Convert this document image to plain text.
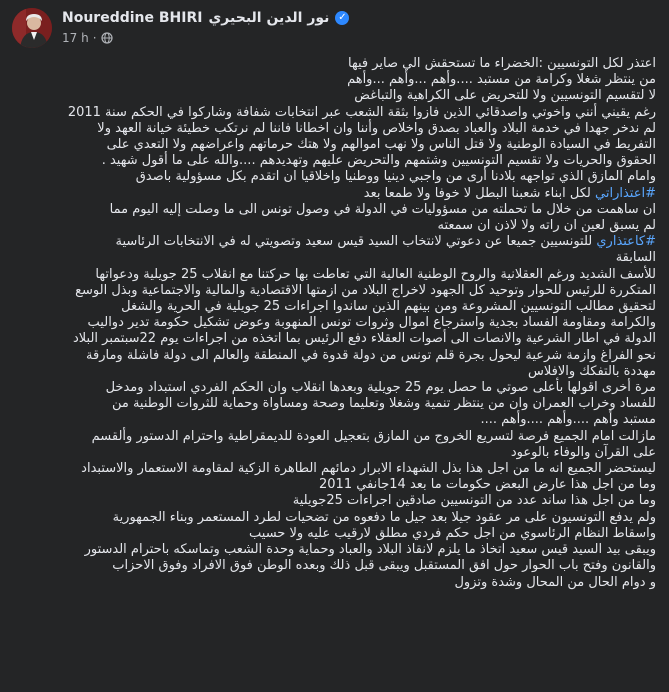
Noureddine BHIRI نور الدين البحيري ✓
17 h ·

اعتذر لكل التونسيين :الخضراء ما تستحقش الي صاير فيها

من ينتظر شغلا وكرامة من مستبد ....وأهم ...وأهم ...وأهم

لا لتقسيم التونسيين ولا للتحريض على الكراهية والتباغض

رغم يقيني أنني واخوتي واصدقائي الذين فازوا بثقة الشعب عبر انتخابات شفافة وشاركوا في الحكم سنة 2011

لم ندخر جهدا في خدمة البلاد والعباد بصدق واخلاص وأننا وان اخطانا فاننا لم نرتكب خطيئة خيانة العهد ولا

التفريط في السيادة الوطنية ولا قتل الناس ولا نهب اموالهم ولا هتك حرماتهم واعراضهم ولا التعدي على

الحقوق والحريات ولا تقسيم التونسيين وشتمهم والتحريض عليهم وتهديدهم ....والله على ما أقول شهيد .

وامام المازق الذي تواجهه بلادنا أرى من واجبي دينيا ووطنيا واخلاقيا ان اتقدم بكل مسؤولية باصدق

#اعتذاراتي لكل ابناء شعبنا البطل لا خوفا ولا طمعا بعد

ان ساهمت من خلال ما تحملته من مسؤوليات في الدولة في وصول تونس الى ما وصلت إليه اليوم مما

لم يسبق لعين ان راته ولا لاذن ان سمعته

#كاعتذاري للتونسيين جميعا عن دعوتي لانتخاب السيد قيس سعيد وتصويتي له في الانتخابات الرئاسية

السابقة

للأسف الشديد ورغم العقلانية والروح الوطنية العالية التي تعاطت بها حركتنا مع انقلاب 25 جويلية ودعواتها

المتكررة للرئيس للحوار وتوحيد كل الجهود لاخراج البلاد من ازمتها الاقتصادية والمالية والاجتماعية وبذل الوسع

لتحقيق مطالب التونسيين المشروعة ومن بينهم الذين ساندوا اجراءات 25 جويلية في الحرية والشغل

والكرامة ومقاومة الفساد بجدية واسترجاع اموال وثروات تونس المنهوبة وعوض تشكيل حكومة تدير دواليب

الدولة في اطار الشرعية والانصات الى أصوات العقلاء دفع الرئيس بما اتخذه من اجراءات يوم 22سبتمبر البلاد

نحو الفراغ وازمة شرعية ليحول بجرة قلم تونس من دولة قدوة في المنطقة والعالم الى دولة فاشلة ومارقة

مهددة بالتفكك والافلاس

مرة أخرى اقولها بأعلى صوتي ما حصل يوم 25 جويلية وبعدها انقلاب وان الحكم الفردي استبداد ومدخل

للفساد وخراب العمران وان من ينتظر تنمية وشغلا وتعليما وصحة ومساواة وحماية للثروات الوطنية من

مستبد وأهم ....وأهم ....وأهم ....

مازالت امام الجميع فرصة لتسريع الخروج من المازق بتعجيل العودة للديمقراطية واحترام الدستور وألقسم

على القرآن والوفاء بالوعود

ليستحضر الجميع انه ما من اجل هذا بذل الشهداء الابرار دمائهم الطاهرة الزكية لمقاومة الاستعمار والاستبداد

وما من اجل هذا عارض البعض حكومات ما بعد 14جانفي 2011

وما من اجل هذا ساند عدد من التونسيين صادقين اجراءات 25جويلية

ولم يدفع التونسيون على مر عقود جيلا بعد جيل ما دفعوه من تضحيات لطرد المستعمر وبناء الجمهورية

واسقاط النظام الرئاسوي من اجل حكم فردي مطلق لارقيب عليه ولا حسيب

ويبقى بيد السيد قيس سعيد اتخاذ ما يلزم لانقاذ البلاد والعباد وحماية وحدة الشعب وتماسكه باحترام الدستور

والقانون وفتح باب الحوار حول افق المستقبل ويبقى قبل ذلك وبعده الوطن فوق الافراد وفوق الاحزاب

و دوام الحال من المحال وشدة وتزول
